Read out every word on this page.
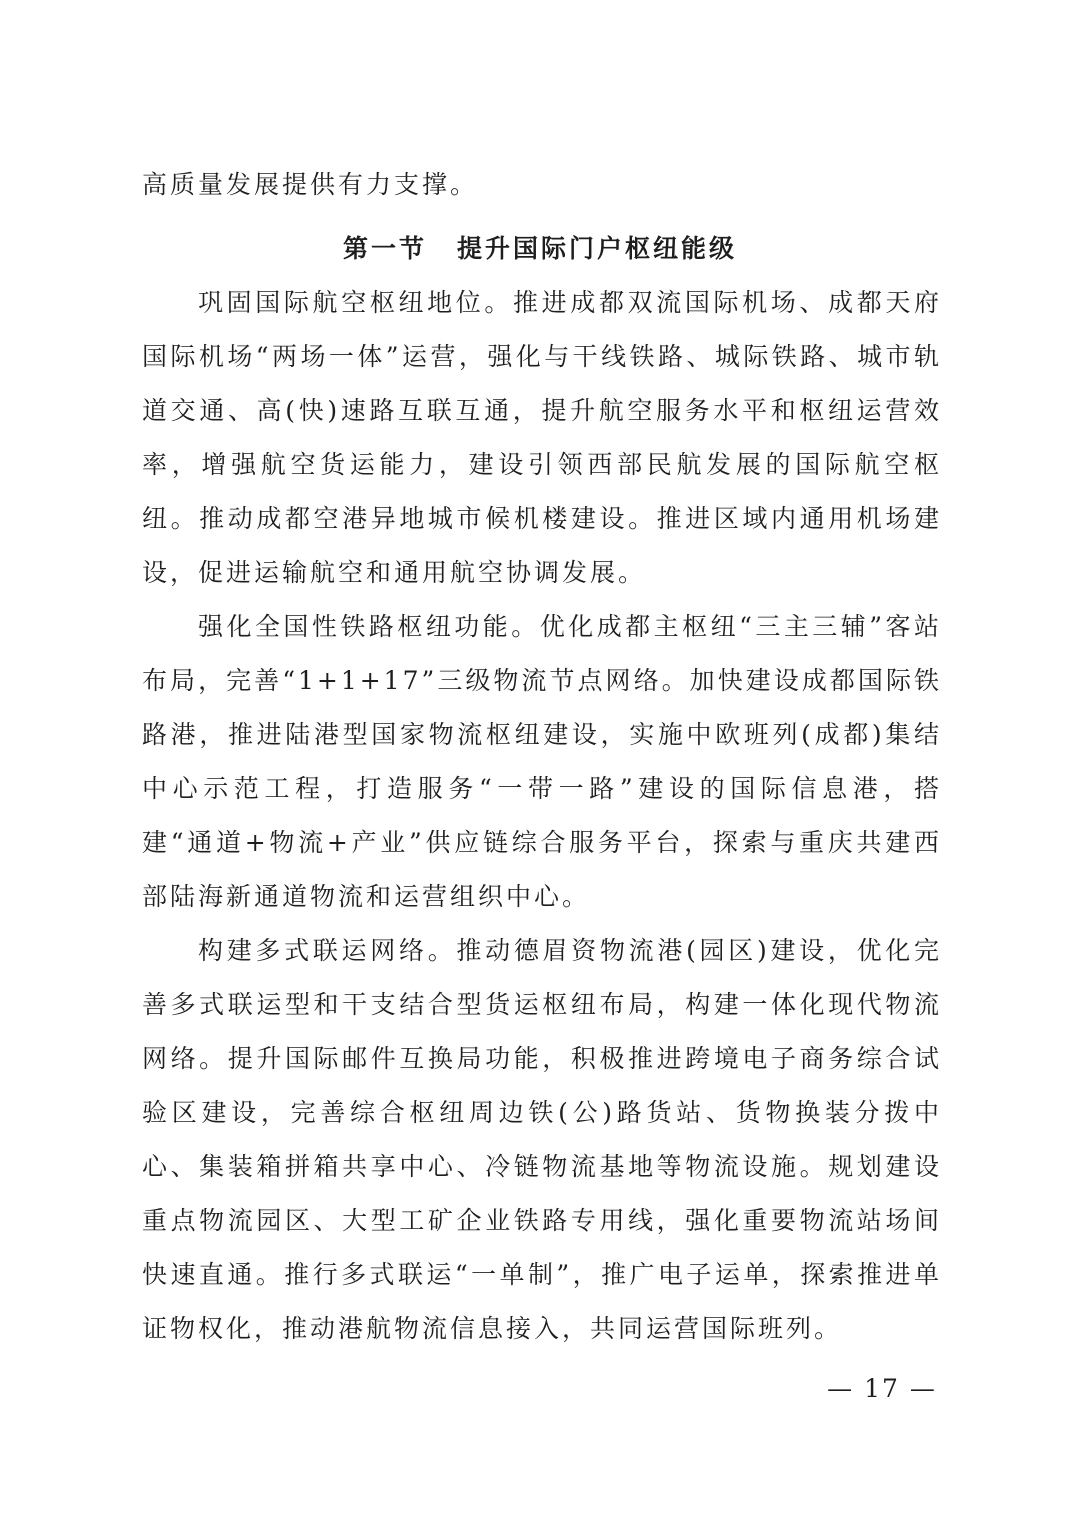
高质量发展提供有力支撑。

第一节 提升国际门户枢纽能级

巩固国际航空枢纽地位。推进成都双流国际机场、成都天府国际机场“两场一体”运营，强化与干线铁路、城际铁路、城市轨道交通、高(快)速路互联互通，提升航空服务水平和枢纽运营效率，增强航空货运能力，建设引领西部民航发展的国际航空枢纽。推动成都空港异地城市候机楼建设。推进区域内通用机场建设，促进运输航空和通用航空协调发展。

强化全国性铁路枢纽功能。优化成都主枢纽“三主三辅”客站布局，完善“1+1+17”三级物流节点网络。加快建设成都国际铁路港，推进陆港型国家物流枢纽建设，实施中欧班列(成都)集结中心示范工程，打造服务“一带一路”建设的国际信息港，搭建“通道+物流+产业”供应链综合服务平台，探索与重庆共建西部陆海新通道物流和运营组织中心。

构建多式联运网络。推动德眉资物流港(园区)建设，优化完善多式联运型和干支结合型货运枢纽布局，构建一体化现代物流网络。提升国际邮件互换局功能，积极推进跨境电子商务综合试验区建设，完善综合枢纽周边铁(公)路货站、货物换装分拨中心、集装箱拼箱共享中心、冷链物流基地等物流设施。规划建设重点物流园区、大型工矿企业铁路专用线，强化重要物流站场间快速直通。推行多式联运“一单制”，推广电子运单，探索推进单证物权化，推动港航物流信息接入，共同运营国际班列。

— 17 —
